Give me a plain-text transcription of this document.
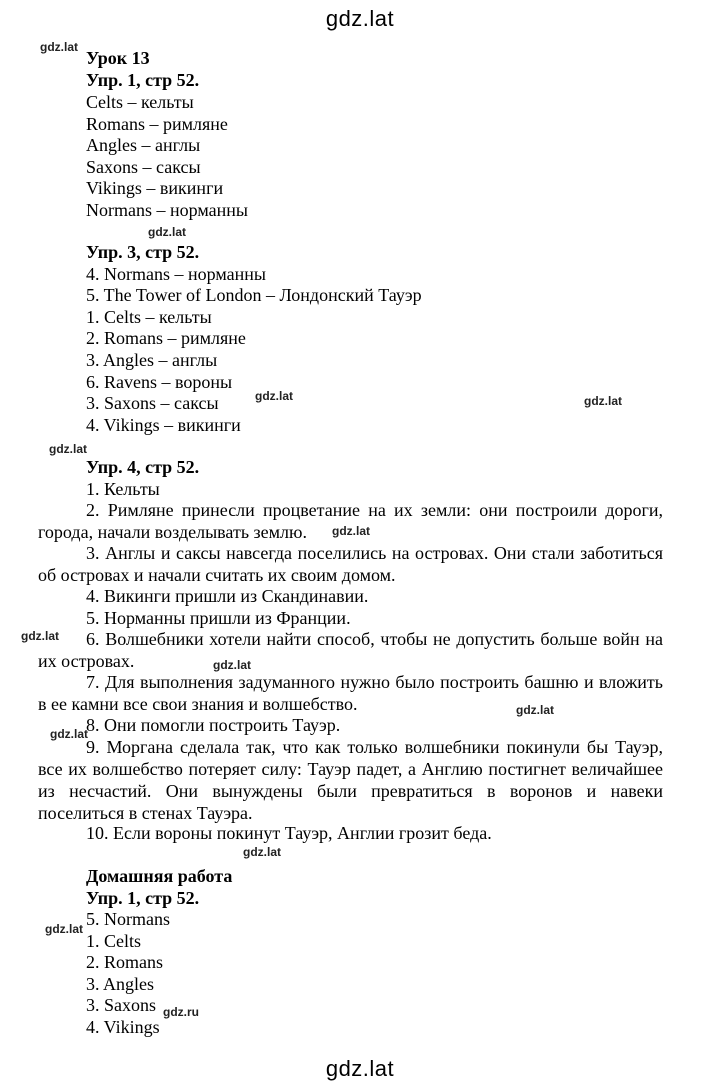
gdz.lat
gdz.lat
gdz.lat
gdz.lat	gdz.lat
gdz.lat
gdz.lat
gdz.lat
gdz.lat
gdz.lat
gdz.lat
gdz.lat
gdz.lat
gdz.ru
Урок 13
Упр. 1, стр 52.
Celts – кельты
Romans – римляне
Angles – англы
Saxons – саксы
Vikings – викинги
Normans – норманны
Упр. 3, стр 52.
4. Normans – норманны
5. The Tower of London – Лондонский Тауэр
1. Celts – кельты
2. Romans – римляне
3. Angles – англы
6. Ravens – вороны
3. Saxons – саксы
4. Vikings – викинги
Упр. 4, стр 52.
1. Кельты
2. Римляне принесли процветание на их земли: они построили дороги, города, начали возделывать землю.
3. Англы и саксы навсегда поселились на островах. Они стали заботиться об островах и начали считать их своим домом.
4. Викинги пришли из Скандинавии.
5. Норманны пришли из Франции.
6. Волшебники хотели найти способ, чтобы не допустить больше войн на их островах.
7. Для выполнения задуманного нужно было построить башню и вложить в ее камни все свои знания и волшебство.
8. Они помогли построить Тауэр.
9. Моргана сделала так, что как только волшебники покинули бы Тауэр, все их волшебство потеряет силу: Тауэр падет, а Англию постигнет величайшее из несчастий. Они вынуждены были превратиться в воронов и навеки поселиться в стенах Тауэра.
10. Если вороны покинут Тауэр, Англии грозит беда.
Домашняя работа
Упр. 1, стр 52.
5. Normans
1. Celts
2. Romans
3. Angles
3. Saxons
4. Vikings
gdz.lat
